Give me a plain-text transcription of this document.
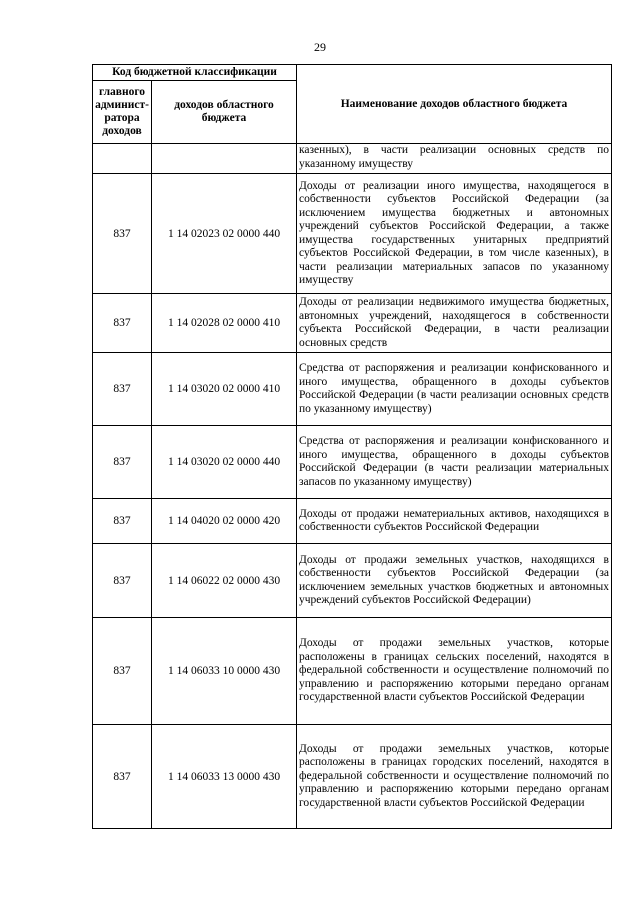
29
Код бюджетной классификации		Наименование доходов областного бюджета
главного админист-ратора доходов	доходов областного бюджета	
		казенных), в части реализации основных средств по указанному имуществу
837	1 14 02023 02 0000 440	Доходы от реализации иного имущества, находящегося в собственности субъектов Российской Федерации (за исключением имущества бюджетных и автономных учреждений субъектов Российской Федерации, а также имущества государственных унитарных предприятий субъектов Российской Федерации, в том числе казенных), в части реализации материальных запасов по указанному имуществу
837	1 14 02028 02 0000 410	Доходы от реализации недвижимого имущества бюджетных, автономных учреждений, находящегося в собственности субъекта Российской Федерации, в части реализации основных средств
837	1 14 03020 02 0000 410	Средства от распоряжения и реализации конфискованного и иного имущества, обращенного в доходы субъектов Российской Федерации (в части реализации основных средств по указанному имуществу)
837	1 14 03020 02 0000 440	Средства от распоряжения и реализации конфискованного и иного имущества, обращенного в доходы субъектов Российской Федерации (в части реализации материальных запасов по указанному имуществу)
837	1 14 04020 02 0000 420	Доходы от продажи нематериальных активов, находящихся в собственности субъектов Российской Федерации
837	1 14 06022 02 0000 430	Доходы от продажи земельных участков, находящихся в собственности субъектов Российской Федерации (за исключением земельных участков бюджетных и автономных учреждений субъектов Российской Федерации)
837	1 14 06033 10 0000 430	Доходы от продажи земельных участков, которые расположены в границах сельских поселений, находятся в федеральной собственности и осуществление полномочий по управлению и распоряжению которыми передано органам государственной власти субъектов Российской Федерации
837	1 14 06033 13 0000 430	Доходы от продажи земельных участков, которые расположены в границах городских поселений, находятся в федеральной собственности и осуществление полномочий по управлению и распоряжению которыми передано органам государственной власти субъектов Российской Федерации
